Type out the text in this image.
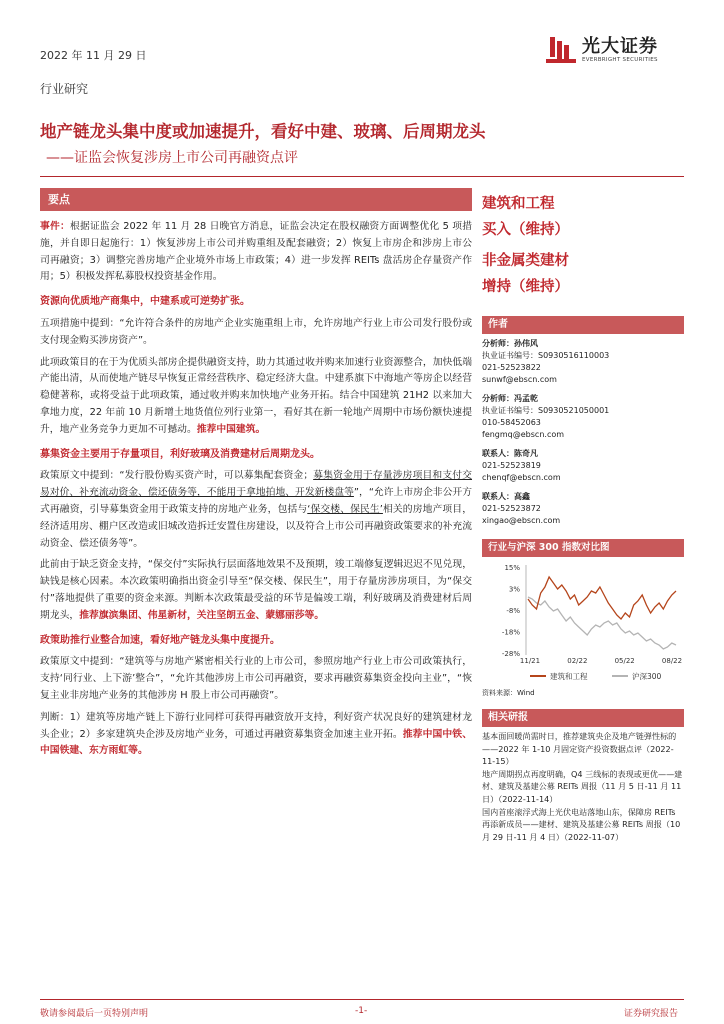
2022 年 11 月 29 日	光大证券
EVERBRIGHT SECURITIES
行业研究
地产链龙头集中度或加速提升，看好中建、玻璃、后周期龙头
——证监会恢复涉房上市公司再融资点评
要点
事件：根据证监会 2022 年 11 月 28 日晚官方消息，证监会决定在股权融资方面调整优化 5 项措施，并自即日起施行：1）恢复涉房上市公司并购重组及配套融资；2）恢复上市房企和涉房上市公司再融资；3）调整完善房地产企业境外市场上市政策；4）进一步发挥 REITs 盘活房企存量资产作用；5）积极发挥私募股权投资基金作用。
资源向优质地产商集中，中建系或可逆势扩张。
五项措施中提到：“允许符合条件的房地产企业实施重组上市，允许房地产行业上市公司发行股份或支付现金购买涉房资产”。
此项政策目的在于为优质头部房企提供融资支持，助力其通过收并购来加速行业资源整合，加快低端产能出清，从而使地产链尽早恢复正常经营秩序、稳定经济大盘。中建系旗下中海地产等房企以经营稳健著称，或将受益于此项政策，通过收并购来加快地产业务开拓。结合中国建筑 21H2 以来加大拿地力度，22 年前 10 月新增土地货值位列行业第一，看好其在新一轮地产周期中市场份额快速提升，地产业务竞争力更加不可撼动。推荐中国建筑。
募集资金主要用于存量项目，利好玻璃及消费建材后周期龙头。
政策原文中提到：“发行股份购买资产时，可以募集配套资金；募集资金用于存量涉房项目和支付交易对价、补充流动资金、偿还债务等，不能用于拿地拍地、开发新楼盘等”，“允许上市房企非公开方式再融资，引导募集资金用于政策支持的房地产业务，包括与‘保交楼、保民生’相关的房地产项目，经济适用房、棚户区改造或旧城改造拆迁安置住房建设，以及符合上市公司再融资政策要求的补充流动资金、偿还债务等”。
此前由于缺乏资金支持，“保交付”实际执行层面落地效果不及预期，竣工端修复逻辑迟迟不见兑现，缺钱是核心因素。本次政策明确指出资金引导至“保交楼、保民生”，用于存量房涉房项目，为“保交付”落地提供了重要的资金来源。判断本次政策最受益的环节是偏竣工端，利好玻璃及消费建材后周期龙头，推荐旗滨集团、伟星新材，关注坚朗五金、蒙娜丽莎等。
政策助推行业整合加速，看好地产链龙头集中度提升。
政策原文中提到：“建筑等与房地产紧密相关行业的上市公司，参照房地产行业上市公司政策执行，支持‘同行业、上下游’整合”，“允许其他涉房上市公司再融资，要求再融资募集资金投向主业”，“恢复主业非房地产业务的其他涉房 H 股上市公司再融资”。
判断：1）建筑等房地产链上下游行业同样可获得再融资放开支持，利好资产状况良好的建筑建材龙头企业；2）多家建筑央企涉及房地产业务，可通过再融资募集资金加速主业开拓。推荐中国中铁、中国铁建、东方雨虹等。
建筑和工程
买入（维持）
非金属类建材
增持（维持）
作者
分析师：孙伟风
执业证书编号：S0930516110003
021-52523822
sunwf@ebscn.com
分析师：冯孟乾
执业证书编号：S0930521050001
010-58452063
fengmq@ebscn.com
联系人：陈奇凡
021-52523819
chenqf@ebscn.com
联系人：高鑫
021-52523872
xingao@ebscn.com
行业与沪深 300 指数对比图
15%
3%
-8%
-18%
-28%
11/21	02/22	05/22	08/22
建筑和工程	沪深300
资料来源：Wind
相关研报
基本面回暖尚需时日，推荐建筑央企及地产链弹性标的——2022 年 1-10 月固定资产投资数据点评（2022-11-15）
地产周期拐点再度明确，Q4 三线标的表现或更优——建材、建筑及基建公募 REITs 周报（11 月 5 日-11 月 11 日）（2022-11-14）
国内首座滚浮式海上光伏电站落地山东，保障房 REITs 再添新成员——建材、建筑及基建公募 REITs 周报（10 月 29 日-11 月 4 日）（2022-11-07）
敬请参阅最后一页特别声明	-1-	证券研究报告
